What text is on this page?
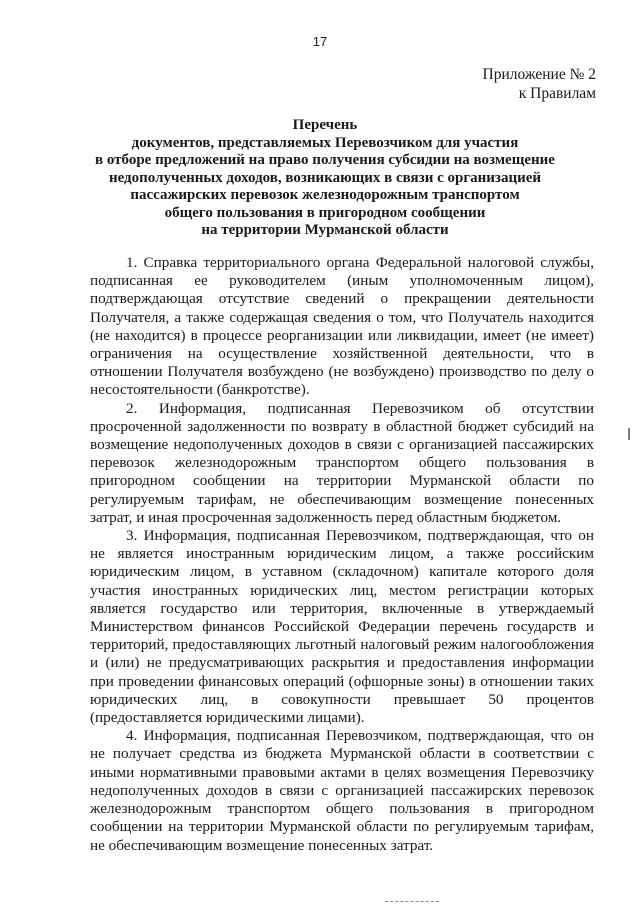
17
Приложение № 2
к Правилам
Перечень
документов, представляемых Перевозчиком для участия
в отборе предложений на право получения субсидии на возмещение
недополученных доходов, возникающих в связи с организацией
пассажирских перевозок железнодорожным транспортом
общего пользования в пригородном сообщении
на территории Мурманской области

1. Справка территориального органа Федеральной налоговой службы, подписанная ее руководителем (иным уполномоченным лицом), подтверждающая отсутствие сведений о прекращении деятельности Получателя, а также содержащая сведения о том, что Получатель находится (не находится) в процессе реорганизации или ликвидации, имеет (не имеет) ограничения на осуществление хозяйственной деятельности, что в отношении Получателя возбуждено (не возбуждено) производство по делу о несостоятельности (банкротстве).

2. Информация, подписанная Перевозчиком об отсутствии просроченной задолженности по возврату в областной бюджет субсидий на возмещение недополученных доходов в связи с организацией пассажирских перевозок железнодорожным транспортом общего пользования в пригородном сообщении на территории Мурманской области по регулируемым тарифам, не обеспечивающим возмещение понесенных затрат, и иная просроченная задолженность перед областным бюджетом.

3. Информация, подписанная Перевозчиком, подтверждающая, что он не является иностранным юридическим лицом, а также российским юридическим лицом, в уставном (складочном) капитале которого доля участия иностранных юридических лиц, местом регистрации которых является государство или территория, включенные в утверждаемый Министерством финансов Российской Федерации перечень государств и территорий, предоставляющих льготный налоговый режим налогообложения и (или) не предусматривающих раскрытия и предоставления информации при проведении финансовых операций (офшорные зоны) в отношении таких юридических лиц, в совокупности превышает 50 процентов (предоставляется юридическими лицами).

4. Информация, подписанная Перевозчиком, подтверждающая, что он не получает средства из бюджета Мурманской области в соответствии с иными нормативными правовыми актами в целях возмещения Перевозчику недополученных доходов в связи с организацией пассажирских перевозок железнодорожным транспортом общего пользования в пригородном сообщении на территории Мурманской области по регулируемым тарифам, не обеспечивающим возмещение понесенных затрат.
